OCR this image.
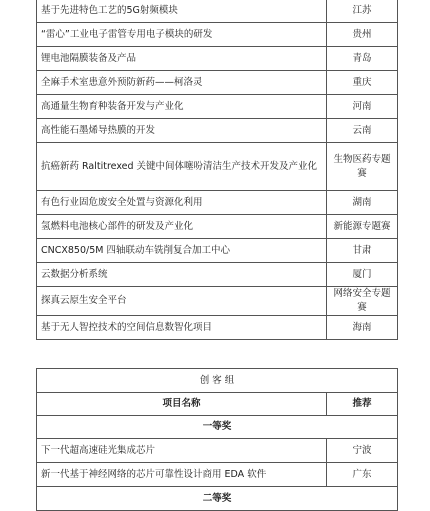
基于先进特色工艺的5G射频模块	江苏
“雷心”工业电子雷管专用电子模块的研发	贵州
锂电池隔膜装备及产品	青岛
全麻手术室患意外预防新药——柯洛灵	重庆
高通量生物育种装备开发与产业化	河南
高性能石墨烯导热膜的开发	云南
抗癌新药 Raltitrexed 关键中间体噻吩清洁生产技术开发及产业化	生物医药专题赛
有色行业固危废安全处置与资源化利用	湖南
氢燃料电池核心部件的研发及产业化	新能源专题赛
CNCX850/5M 四轴联动车铣削复合加工中心	甘肃
云数据分析系统	厦门
探真云原生安全平台	网络安全专题赛
基于无人智控技术的空间信息数智化项目	海南
创 客 组	
项目名称	推荐
一等奖	
下一代超高速硅光集成芯片	宁波
新一代基于神经网络的芯片可靠性设计商用 EDA 软件	广东
二等奖	
